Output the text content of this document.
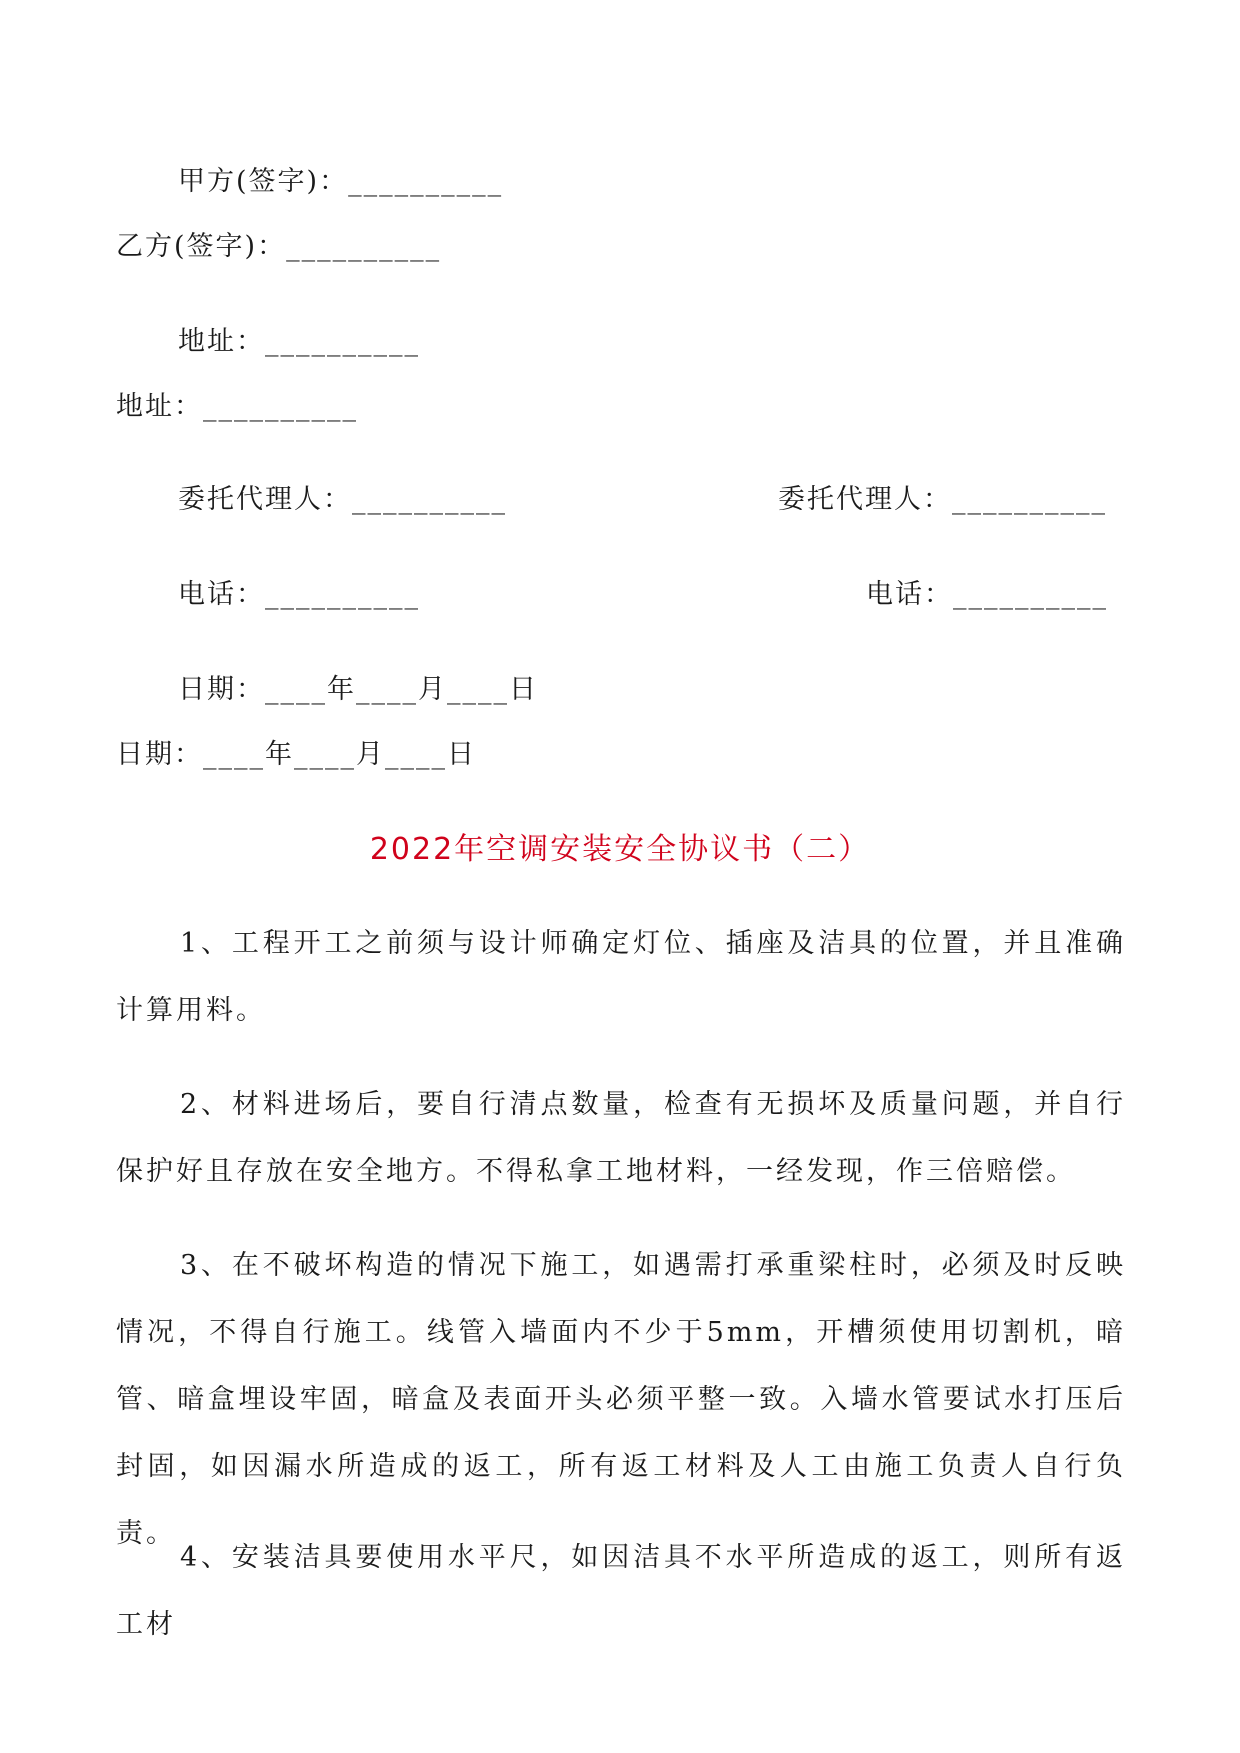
甲方(签字)：__________
乙方(签字)：__________
地址：__________
地址：__________
委托代理人：__________	委托代理人：__________
电话：__________	电话：__________
日期：____年____月____日
日期：____年____月____日
2022年空调安装安全协议书（二）

1、工程开工之前须与设计师确定灯位、插座及洁具的位置，并且准确计算用料。

2、材料进场后，要自行清点数量，检查有无损坏及质量问题，并自行保护好且存放在安全地方。不得私拿工地材料，一经发现，作三倍赔偿。

3、在不破坏构造的情况下施工，如遇需打承重梁柱时，必须及时反映情况，不得自行施工。线管入墙面内不少于5mm，开槽须使用切割机，暗管、暗盒埋设牢固，暗盒及表面开头必须平整一致。入墙水管要试水打压后封固，如因漏水所造成的返工，所有返工材料及人工由施工负责人自行负责。

4、安装洁具要使用水平尺，如因洁具不水平所造成的返工，则所有返工材
